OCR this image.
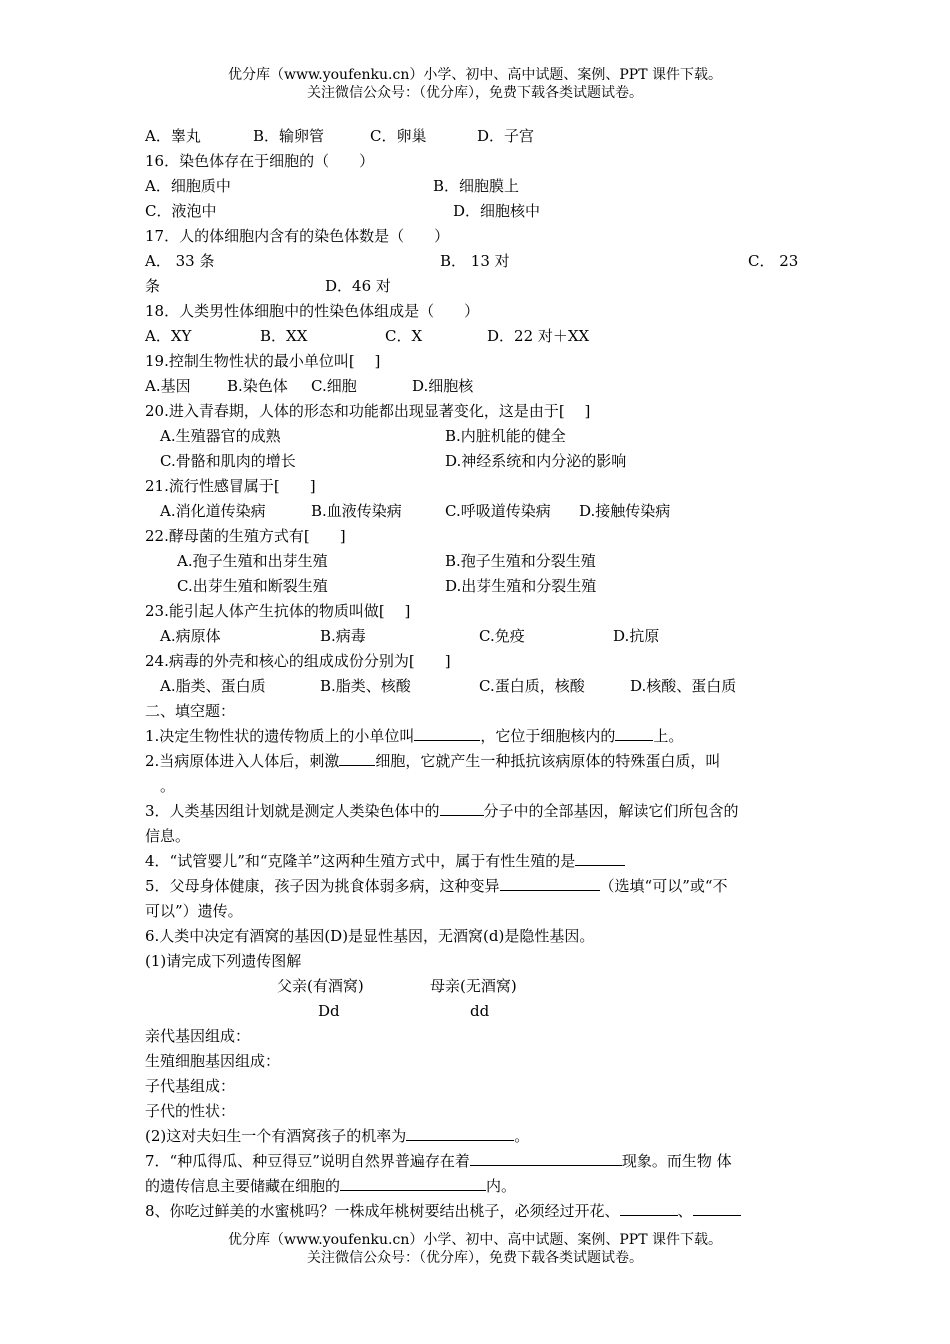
优分库（www.youfenku.cn）小学、初中、高中试题、案例、PPT 课件下载。
关注微信公众号：（优分库），免费下载各类试题试卷。
A．睾丸	B．输卵管	C．卵巢	D．子宫
16．染色体存在于细胞的（　　）
A．细胞质中	B．细胞膜上
C．液泡中	D．细胞核中
17．人的体细胞内含有的染色体数是（　　）
A． 33 条	B． 13 对	C． 23
条	D．46 对
18．人类男性体细胞中的性染色体组成是（　　）
A．XY	B．XX	C．X	D．22 对＋XX
19.控制生物性状的最小单位叫[　 ]
A.基因 B.染色体 C.细胞	D.细胞核
20.进入青春期，人体的形态和功能都出现显著变化，这是由于[　 ]
A.生殖器官的成熟	B.内脏机能的健全
C.骨骼和肌肉的增长	D.神经系统和内分泌的影响
21.流行性感冒属于[　　]
A.消化道传染病	B.血液传染病	C.呼吸道传染病 D.接触传染病
22.酵母菌的生殖方式有[　　]
A.孢子生殖和出芽生殖	B.孢子生殖和分裂生殖
C.出芽生殖和断裂生殖	D.出芽生殖和分裂生殖
23.能引起人体产生抗体的物质叫做[　 ]
A.病原体	B.病毒	C.免疫	D.抗原
24.病毒的外壳和核心的组成成份分别为[　　]
A.脂类、蛋白质	B.脂类、核酸	C.蛋白质，核酸	D.核酸、蛋白质
二、填空题：
1.决定生物性状的遗传物质上的小单位叫	，它位于细胞核内的	上。
2.当病原体进入人体后，刺激 细胞，它就产生一种抵抗该病原体的特殊蛋白质，叫
。
3．人类基因组计划就是测定人类染色体中的	分子中的全部基因，解读它们所包含的
信息。
4．“试管婴儿”和“克隆羊”这两种生殖方式中，属于有性生殖的是
5．父母身体健康，孩子因为挑食体弱多病，这种变异	（选填“可以”或“不
可以”）遗传。
6.人类中决定有酒窝的基因(D)是显性基因，无酒窝(d)是隐性基因。
(1)请完成下列遗传图解
父亲(有酒窝)	母亲(无酒窝)
Dd	dd
亲代基因组成：
生殖细胞基因组成：
子代基组成：
子代的性状：
(2)这对夫妇生一个有酒窝孩子的机率为	。
7．“种瓜得瓜、种豆得豆”说明自然界普遍存在着	现象。而生物 体
的遗传信息主要储藏在细胞的	内。
8、你吃过鲜美的水蜜桃吗？一株成年桃树要结出桃子，必须经过开花、	、
优分库（www.youfenku.cn）小学、初中、高中试题、案例、PPT 课件下载。
关注微信公众号：（优分库），免费下载各类试题试卷。
